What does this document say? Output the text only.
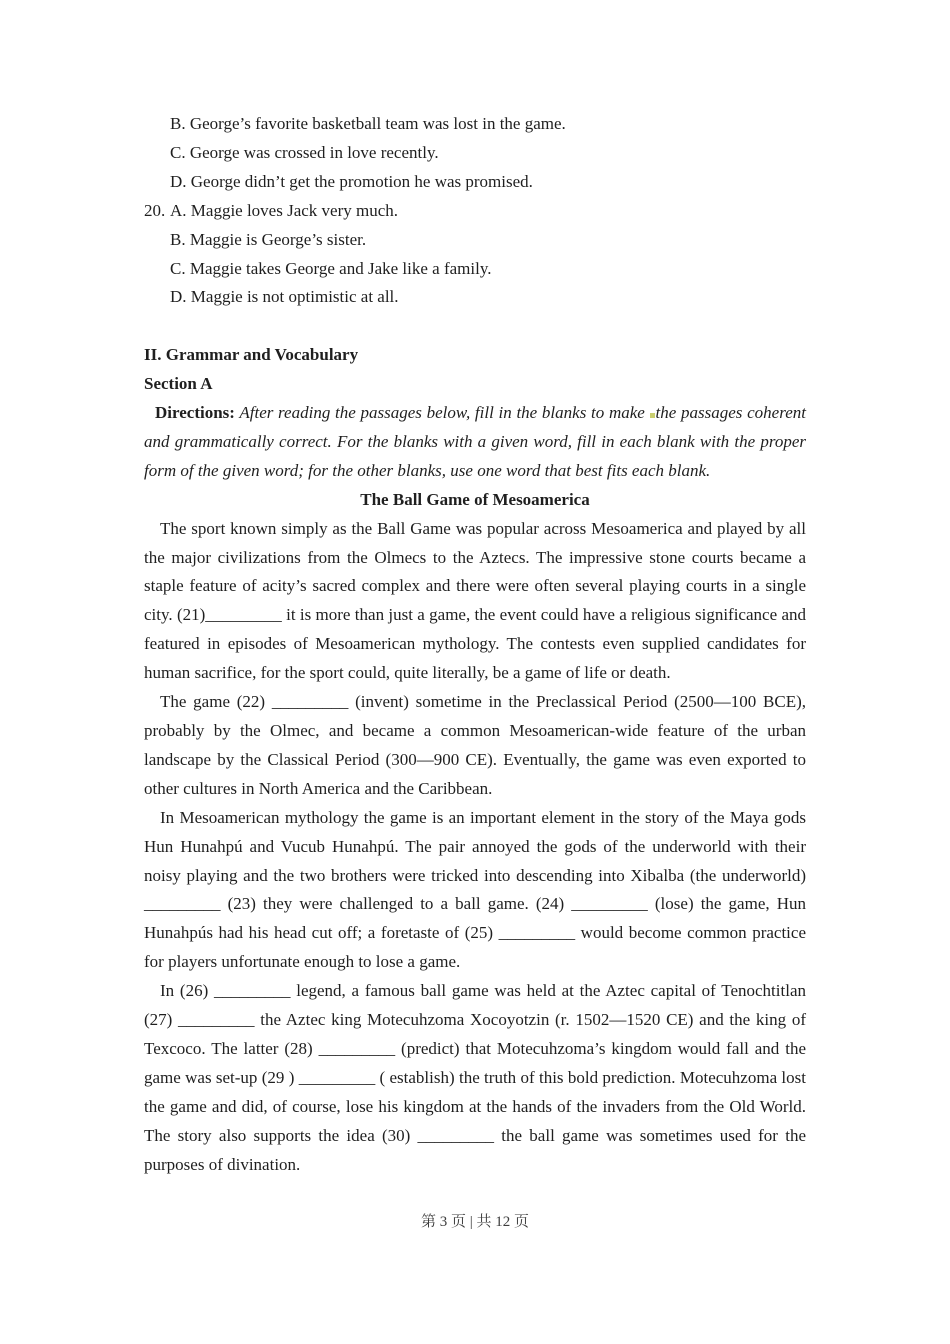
B. George’s favorite basketball team was lost in the game.
C. George was crossed in love recently.
D. George didn’t get the promotion he was promised.
20. A. Maggie loves Jack very much.
B. Maggie is George’s sister.
C. Maggie takes George and Jake like a family.
D. Maggie is not optimistic at all.
II. Grammar and Vocabulary
Section A

Directions: After reading the passages below, fill in the blanks to make the passages coherent and grammatically correct. For the blanks with a given word, fill in each blank with the proper form of the given word; for the other blanks, use one word that best fits each blank.

The Ball Game of Mesoamerica

The sport known simply as the Ball Game was popular across Mesoamerica and played by all the major civilizations from the Olmecs to the Aztecs. The impressive stone courts became a staple feature of acity’s sacred complex and there were often several playing courts in a single city. (21)_________ it is more than just a game, the event could have a religious significance and featured in episodes of Mesoamerican mythology. The contests even supplied candidates for human sacrifice, for the sport could, quite literally, be a game of life or death.

The game (22) _________ (invent) sometime in the Preclassical Period (2500—100 BCE), probably by the Olmec, and became a common Mesoamerican-wide feature of the urban landscape by the Classical Period (300—900 CE). Eventually, the game was even exported to other cultures in North America and the Caribbean.

In Mesoamerican mythology the game is an important element in the story of the Maya gods Hun Hunahpú and Vucub Hunahpú. The pair annoyed the gods of the underworld with their noisy playing and the two brothers were tricked into descending into Xibalba (the underworld) _________ (23) they were challenged to a ball game. (24) _________ (lose) the game, Hun Hunahpús had his head cut off; a foretaste of (25) _________ would become common practice for players unfortunate enough to lose a game.

In (26) _________ legend, a famous ball game was held at the Aztec capital of Tenochtitlan (27) _________ the Aztec king Motecuhzoma Xocoyotzin (r. 1502—1520 CE) and the king of Texcoco. The latter (28) _________ (predict) that Motecuhzoma’s kingdom would fall and the game was set-up (29 ) _________ ( establish) the truth of this bold prediction. Motecuhzoma lost the game and did, of course, lose his kingdom at the hands of the invaders from the Old World. The story also supports the idea (30) _________ the ball game was sometimes used for the purposes of divination.

第 3 页 | 共 12 页
